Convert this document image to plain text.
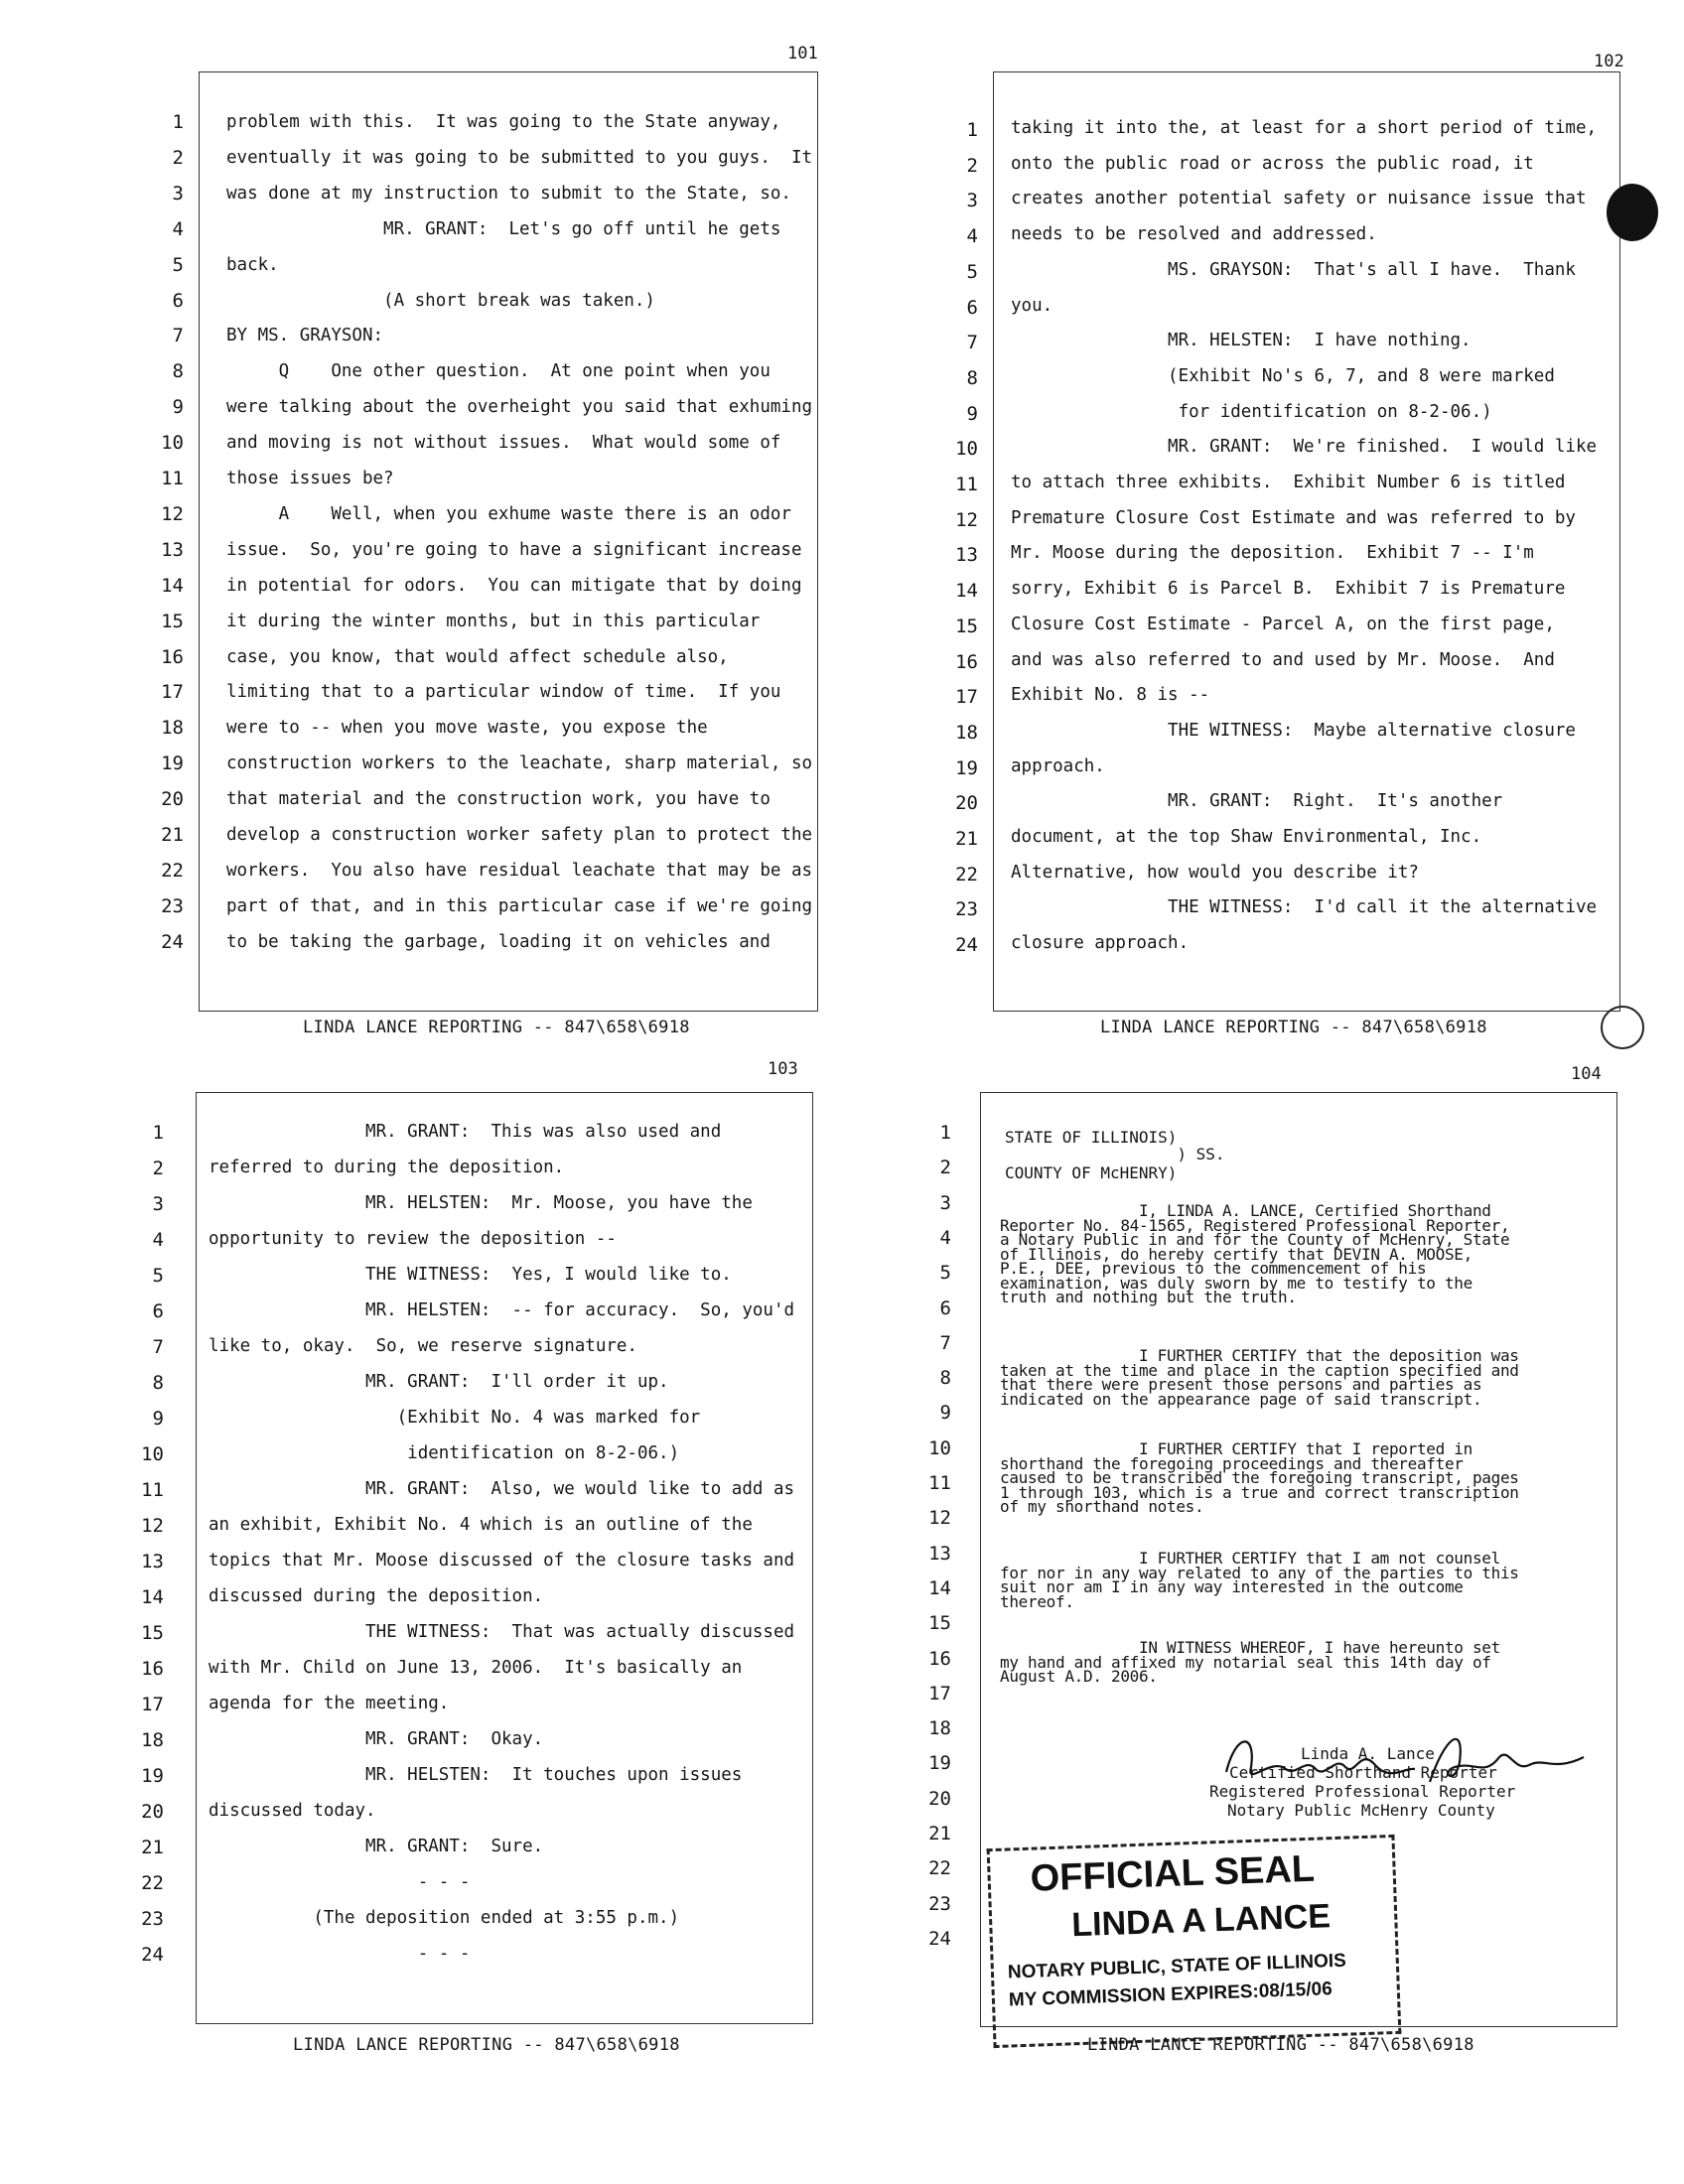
101
1
2
3
4
5
6
7
8
9
10
11
12
13
14
15
16
17
18
19
20
21
22
23
24
problem with this.  It was going to the State anyway,
eventually it was going to be submitted to you guys.  It
was done at my instruction to submit to the State, so.
MR. GRANT:  Let's go off until he gets
back.
(A short break was taken.)
BY MS. GRAYSON:
Q    One other question.  At one point when you
were talking about the overheight you said that exhuming
and moving is not without issues.  What would some of
those issues be?
A    Well, when you exhume waste there is an odor
issue.  So, you're going to have a significant increase
in potential for odors.  You can mitigate that by doing
it during the winter months, but in this particular
case, you know, that would affect schedule also,
limiting that to a particular window of time.  If you
were to -- when you move waste, you expose the
construction workers to the leachate, sharp material, so
that material and the construction work, you have to
develop a construction worker safety plan to protect the
workers.  You also have residual leachate that may be as
part of that, and in this particular case if we're going
to be taking the garbage, loading it on vehicles and
LINDA LANCE REPORTING -- 847\658\6918
102
1
2
3
4
5
6
7
8
9
10
11
12
13
14
15
16
17
18
19
20
21
22
23
24
taking it into the, at least for a short period of time,
onto the public road or across the public road, it
creates another potential safety or nuisance issue that
needs to be resolved and addressed.
MS. GRAYSON:  That's all I have.  Thank
you.
MR. HELSTEN:  I have nothing.
(Exhibit No's 6, 7, and 8 were marked
for identification on 8-2-06.)
MR. GRANT:  We're finished.  I would like
to attach three exhibits.  Exhibit Number 6 is titled
Premature Closure Cost Estimate and was referred to by
Mr. Moose during the deposition.  Exhibit 7 -- I'm
sorry, Exhibit 6 is Parcel B.  Exhibit 7 is Premature
Closure Cost Estimate - Parcel A, on the first page,
and was also referred to and used by Mr. Moose.  And
Exhibit No. 8 is --
THE WITNESS:  Maybe alternative closure
approach.
MR. GRANT:  Right.  It's another
document, at the top Shaw Environmental, Inc.
Alternative, how would you describe it?
THE WITNESS:  I'd call it the alternative
closure approach.
LINDA LANCE REPORTING -- 847\658\6918
103
1
2
3
4
5
6
7
8
9
10
11
12
13
14
15
16
17
18
19
20
21
22
23
24
MR. GRANT:  This was also used and
referred to during the deposition.
MR. HELSTEN:  Mr. Moose, you have the
opportunity to review the deposition --
THE WITNESS:  Yes, I would like to.
MR. HELSTEN:  -- for accuracy.  So, you'd
like to, okay.  So, we reserve signature.
MR. GRANT:  I'll order it up.
(Exhibit No. 4 was marked for
identification on 8-2-06.)
MR. GRANT:  Also, we would like to add as
an exhibit, Exhibit No. 4 which is an outline of the
topics that Mr. Moose discussed of the closure tasks and
discussed during the deposition.
THE WITNESS:  That was actually discussed
with Mr. Child on June 13, 2006.  It's basically an
agenda for the meeting.
MR. GRANT:  Okay.
MR. HELSTEN:  It touches upon issues
discussed today.
MR. GRANT:  Sure.
- - -
(The deposition ended at 3:55 p.m.)
- - -
LINDA LANCE REPORTING -- 847\658\6918
104
1
2
3
4
5
6
7
8
9
10
11
12
13
14
15
16
17
18
19
20
21
22
23
24
STATE OF ILLINOIS)
) SS.
COUNTY OF McHENRY)
I, LINDA A. LANCE, Certified Shorthand
Reporter No. 84-1565, Registered Professional Reporter,
a Notary Public in and for the County of McHenry, State
of Illinois, do hereby certify that DEVIN A. MOOSE,
P.E., DEE, previous to the commencement of his
examination, was duly sworn by me to testify to the
truth and nothing but the truth.
I FURTHER CERTIFY that the deposition was
taken at the time and place in the caption specified and
that there were present those persons and parties as
indicated on the appearance page of said transcript.
I FURTHER CERTIFY that I reported in
shorthand the foregoing proceedings and thereafter
caused to be transcribed the foregoing transcript, pages
1 through 103, which is a true and correct transcription
of my shorthand notes.
I FURTHER CERTIFY that I am not counsel
for nor in any way related to any of the parties to this
suit nor am I in any way interested in the outcome
thereof.
IN WITNESS WHEREOF, I have hereunto set
my hand and affixed my notarial seal this 14th day of
August A.D. 2006.
Linda A. Lance
Certified Shorthand Reporter
Registered Professional Reporter
Notary Public McHenry County
OFFICIAL SEAL
LINDA A LANCE
NOTARY PUBLIC, STATE OF ILLINOIS
MY COMMISSION EXPIRES:08/15/06
LINDA LANCE REPORTING -- 847\658\6918
